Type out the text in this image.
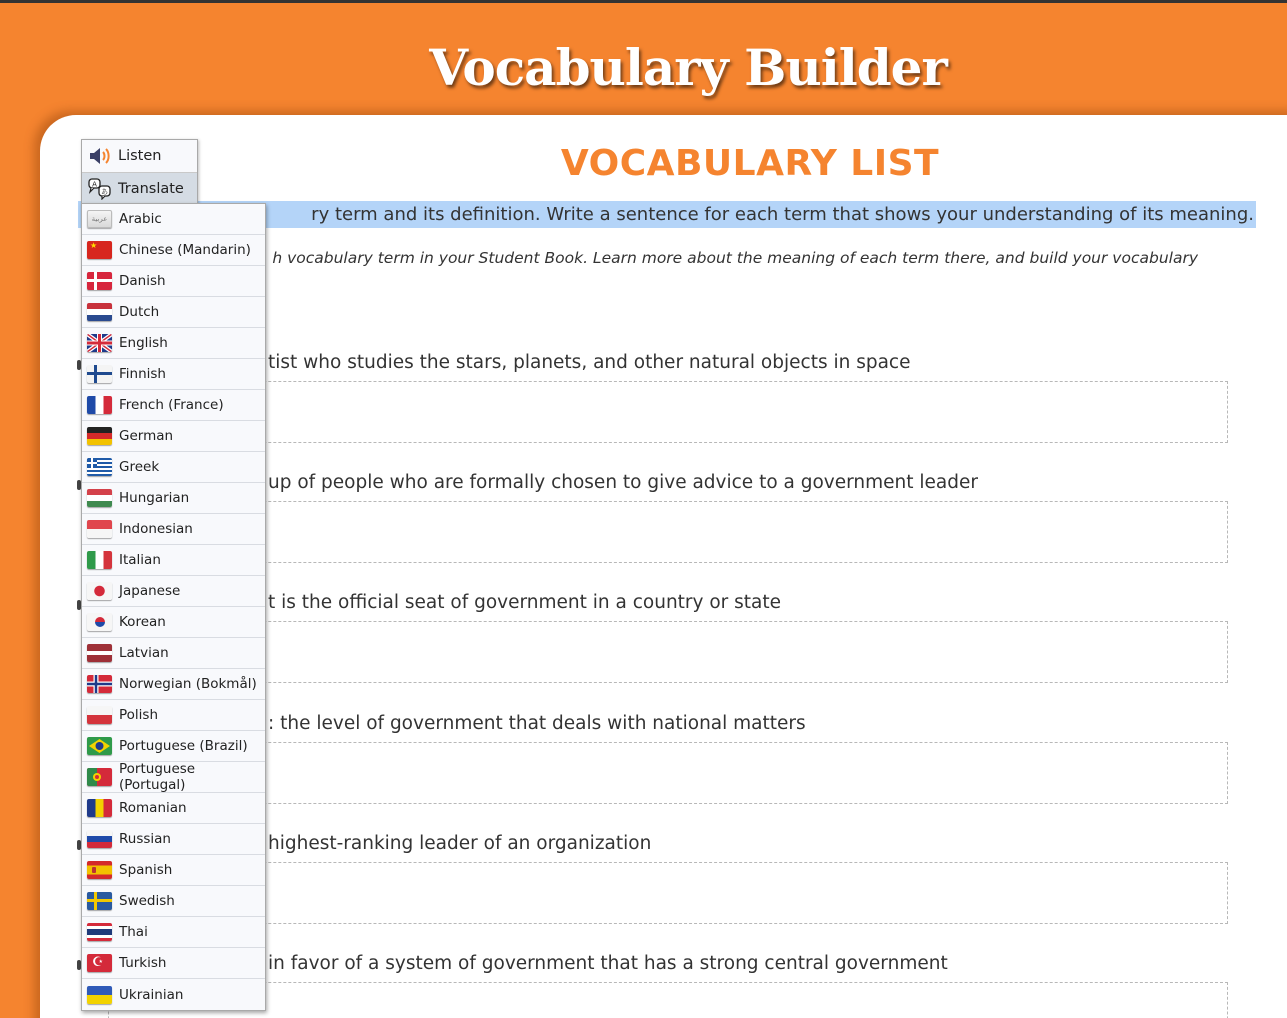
Vocabulary Builder
VOCABULARY LIST
ry term and its definition. Write a sentence for each term that shows your understanding of its meaning.
h vocabulary term in your Student Book. Learn more about the meaning of each term there, and build your vocabulary
tist who studies the stars, planets, and other natural objects in space
up of people who are formally chosen to give advice to a government leader
t is the official seat of government in a country or state
: the level of government that deals with national matters
highest-ranking leader of an organization
in favor of a system of government that has a strong central government
Listen
A
あ Translate
عربية Arabic
★ Chinese (Mandarin)
Danish
Dutch
English
Finnish
French (France)
German
Greek
Hungarian
Indonesian
Italian
Japanese
Korean
Latvian
Norwegian (Bokmål)
Polish
Portuguese (Brazil)
Portuguese (Portugal)
Romanian
Russian
Spanish
Swedish
Thai
☪ Turkish
Ukrainian
